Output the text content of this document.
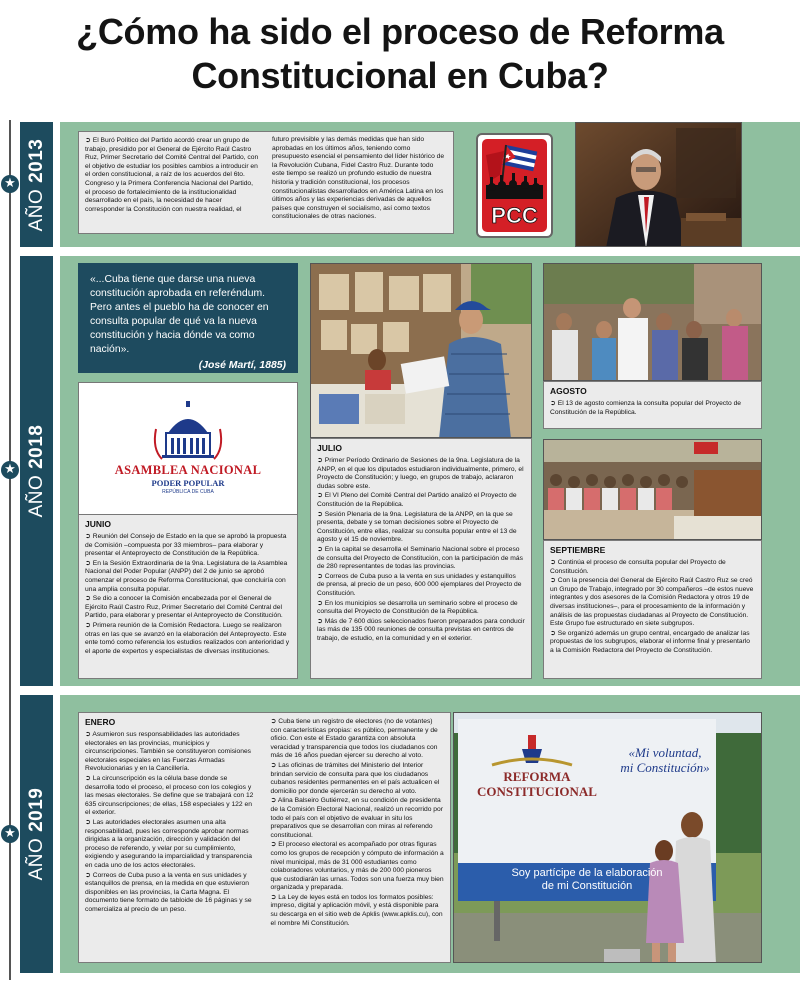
¿Cómo ha sido el proceso de Reforma
Constitucional en Cuba?
★
★
★
AÑO 2013	➲ El Buró Político del Partido acordó crear un grupo de trabajo, presidido por el General de Ejército Raúl Castro Ruz, Primer Secretario del Comité Central del Partido, con el objetivo de estudiar los posibles cambios a introducir en el orden constitucional, a raíz de los acuerdos del 6to. Congreso y la Primera Conferencia Nacional del Partido, el proceso de fortalecimiento de la institucionalidad desarrollado en el país, la necesidad de hacer corresponder la Constitución con nuestra realidad, el futuro previsible y las demás medidas que han sido aprobadas en los últimos años, teniendo como presupuesto esencial el pensamiento del líder histórico de la Revolución Cubana, Fidel Castro Ruz. Durante todo este tiempo se realizó un profundo estudio de nuestra historia y tradición constitucional, los procesos constitucionalistas desarrollados en América Latina en los últimos años y las experiencias derivadas de aquellos países que construyen el socialismo, así como textos constitucionales de otras naciones.	PCC
AÑO 2018
«...Cuba tiene que darse una nueva constitución aprobada en referéndum. Pero antes el pueblo ha de conocer en consulta popular de qué va la nueva constitución y hacia dónde va como nación».
(José Martí, 1885)
ASAMBLEA NACIONAL
PODER POPULAR
REPÚBLICA DE CUBA
JUNIO

➲ Reunión del Consejo de Estado en la que se aprobó la propuesta de Comisión –compuesta por 33 miembros– para elaborar y presentar el Anteproyecto de Constitución de la República.

➲ En la Sesión Extraordinaria de la 9na. Legislatura de la Asamblea Nacional del Poder Popular (ANPP) del 2 de junio se aprobó comenzar el proceso de Reforma Constitucional, que concluiría con una amplia consulta popular.

➲ Se dio a conocer la Comisión encabezada por el General de Ejército Raúl Castro Ruz, Primer Secretario del Comité Central del Partido, para elaborar y presentar el Anteproyecto de Constitución.

➲ Primera reunión de la Comisión Redactora. Luego se realizaron otras en las que se avanzó en la elaboración del Anteproyecto. Este ente tomó como referencia los estudios realizados con anterioridad y el aporte de expertos y especialistas de diversas instituciones.

JULIO

➲ Primer Período Ordinario de Sesiones de la 9na. Legislatura de la ANPP, en el que los diputados estudiaron individualmente, primero, el Proyecto de Constitución; y luego, en grupos de trabajo, aclararon dudas sobre este.

➲ El VI Pleno del Comité Central del Partido analizó el Proyecto de Constitución de la República.

➲ Sesión Plenaria de la 9na. Legislatura de la ANPP, en la que se presenta, debate y se toman decisiones sobre el Proyecto de Constitución, entre ellas, realizar su consulta popular entre el 13 de agosto y el 15 de noviembre.

➲ En la capital se desarrolla el Seminario Nacional sobre el proceso de consulta del Proyecto de Constitución, con la participación de más de 280 representantes de todas las provincias.

➲ Correos de Cuba puso a la venta en sus unidades y estanquillos de prensa, al precio de un peso, 600 000 ejemplares del Proyecto de Constitución.

➲ En los municipios se desarrolla un seminario sobre el proceso de consulta del Proyecto de Constitución de la República.

➲ Más de 7 600 dúos seleccionados fueron preparados para conducir las más de 135 000 reuniones de consulta previstas en centros de trabajo, de estudio, en la comunidad y en el exterior.

AGOSTO

➲ El 13 de agosto comienza la consulta popular del Proyecto de Constitución de la República.

SEPTIEMBRE

➲ Continúa el proceso de consulta popular del Proyecto de Constitución.

➲ Con la presencia del General de Ejército Raúl Castro Ruz se creó un Grupo de Trabajo, integrado por 30 compañeros –de estos nueve integrantes y dos asesores de la Comisión Redactora y otros 19 de diversas instituciones–, para el procesamiento de la información y análisis de las propuestas ciudadanas al Proyecto de Constitución. Este Grupo fue estructurado en siete subgrupos.

➲ Se organizó además un grupo central, encargado de analizar las propuestas de los subgrupos, elaborar el informe final y presentarlo a la Comisión Redactora del Proyecto de Constitución.

AÑO 2019
ENERO

➲ Asumieron sus responsabilidades las autoridades electorales en las provincias, municipios y circunscripciones. También se constituyeron comisiones electorales especiales en las Fuerzas Armadas Revolucionarias y en la Cancillería.

➲ La circunscripción es la célula base donde se desarrolla todo el proceso, el proceso con los colegios y las mesas electorales. Se define que se trabajará con 12 635 circunscripciones; de ellas, 158 especiales y 122 en el exterior.

➲ Las autoridades electorales asumen una alta responsabilidad, pues les corresponde aprobar normas dirigidas a la organización, dirección y validación del proceso de referendo, y velar por su cumplimiento, exigiendo y asegurando la imparcialidad y transparencia en cada uno de los actos electorales.

➲ Correos de Cuba puso a la venta en sus unidades y estanquillos de prensa, en la medida en que estuvieron disponibles en las provincias, la Carta Magna. El documento tiene formato de tabloide de 16 páginas y se comercializa al precio de un peso.

➲ Cuba tiene un registro de electores (no de votantes) con características propias: es público, permanente y de oficio. Con este el Estado garantiza con absoluta veracidad y transparencia que todos los ciudadanos con más de 16 años puedan ejercer su derecho al voto.

➲ Las oficinas de trámites del Ministerio del Interior brindan servicio de consulta para que los ciudadanos cubanos residentes permanentes en el país actualicen el domicilio por donde ejercerán su derecho al voto.

➲ Alina Balseiro Gutiérrez, en su condición de presidenta de la Comisión Electoral Nacional, realizó un recorrido por todo el país con el objetivo de evaluar in situ los preparativos que se desarrollan con miras al referendo constitucional.

➲ El proceso electoral es acompañado por otras figuras como los grupos de recepción y cómputo de información a nivel municipal, más de 31 000 estudiantes como colaboradores voluntarios, y más de 200 000 pioneros que custodiarán las urnas. Todos son una fuerza muy bien organizada y preparada.

➲ La Ley de leyes está en todos los formatos posibles: impreso, digital y aplicación móvil, y está disponible para su descarga en el sitio web de Apklis (www.apklis.cu), con el nombre Mi Constitución.

REFORMA
CONSTITUCIONAL
«Mi voluntad,
mi Constitución»
Soy partícipe de la elaboración
de mi Constitución
